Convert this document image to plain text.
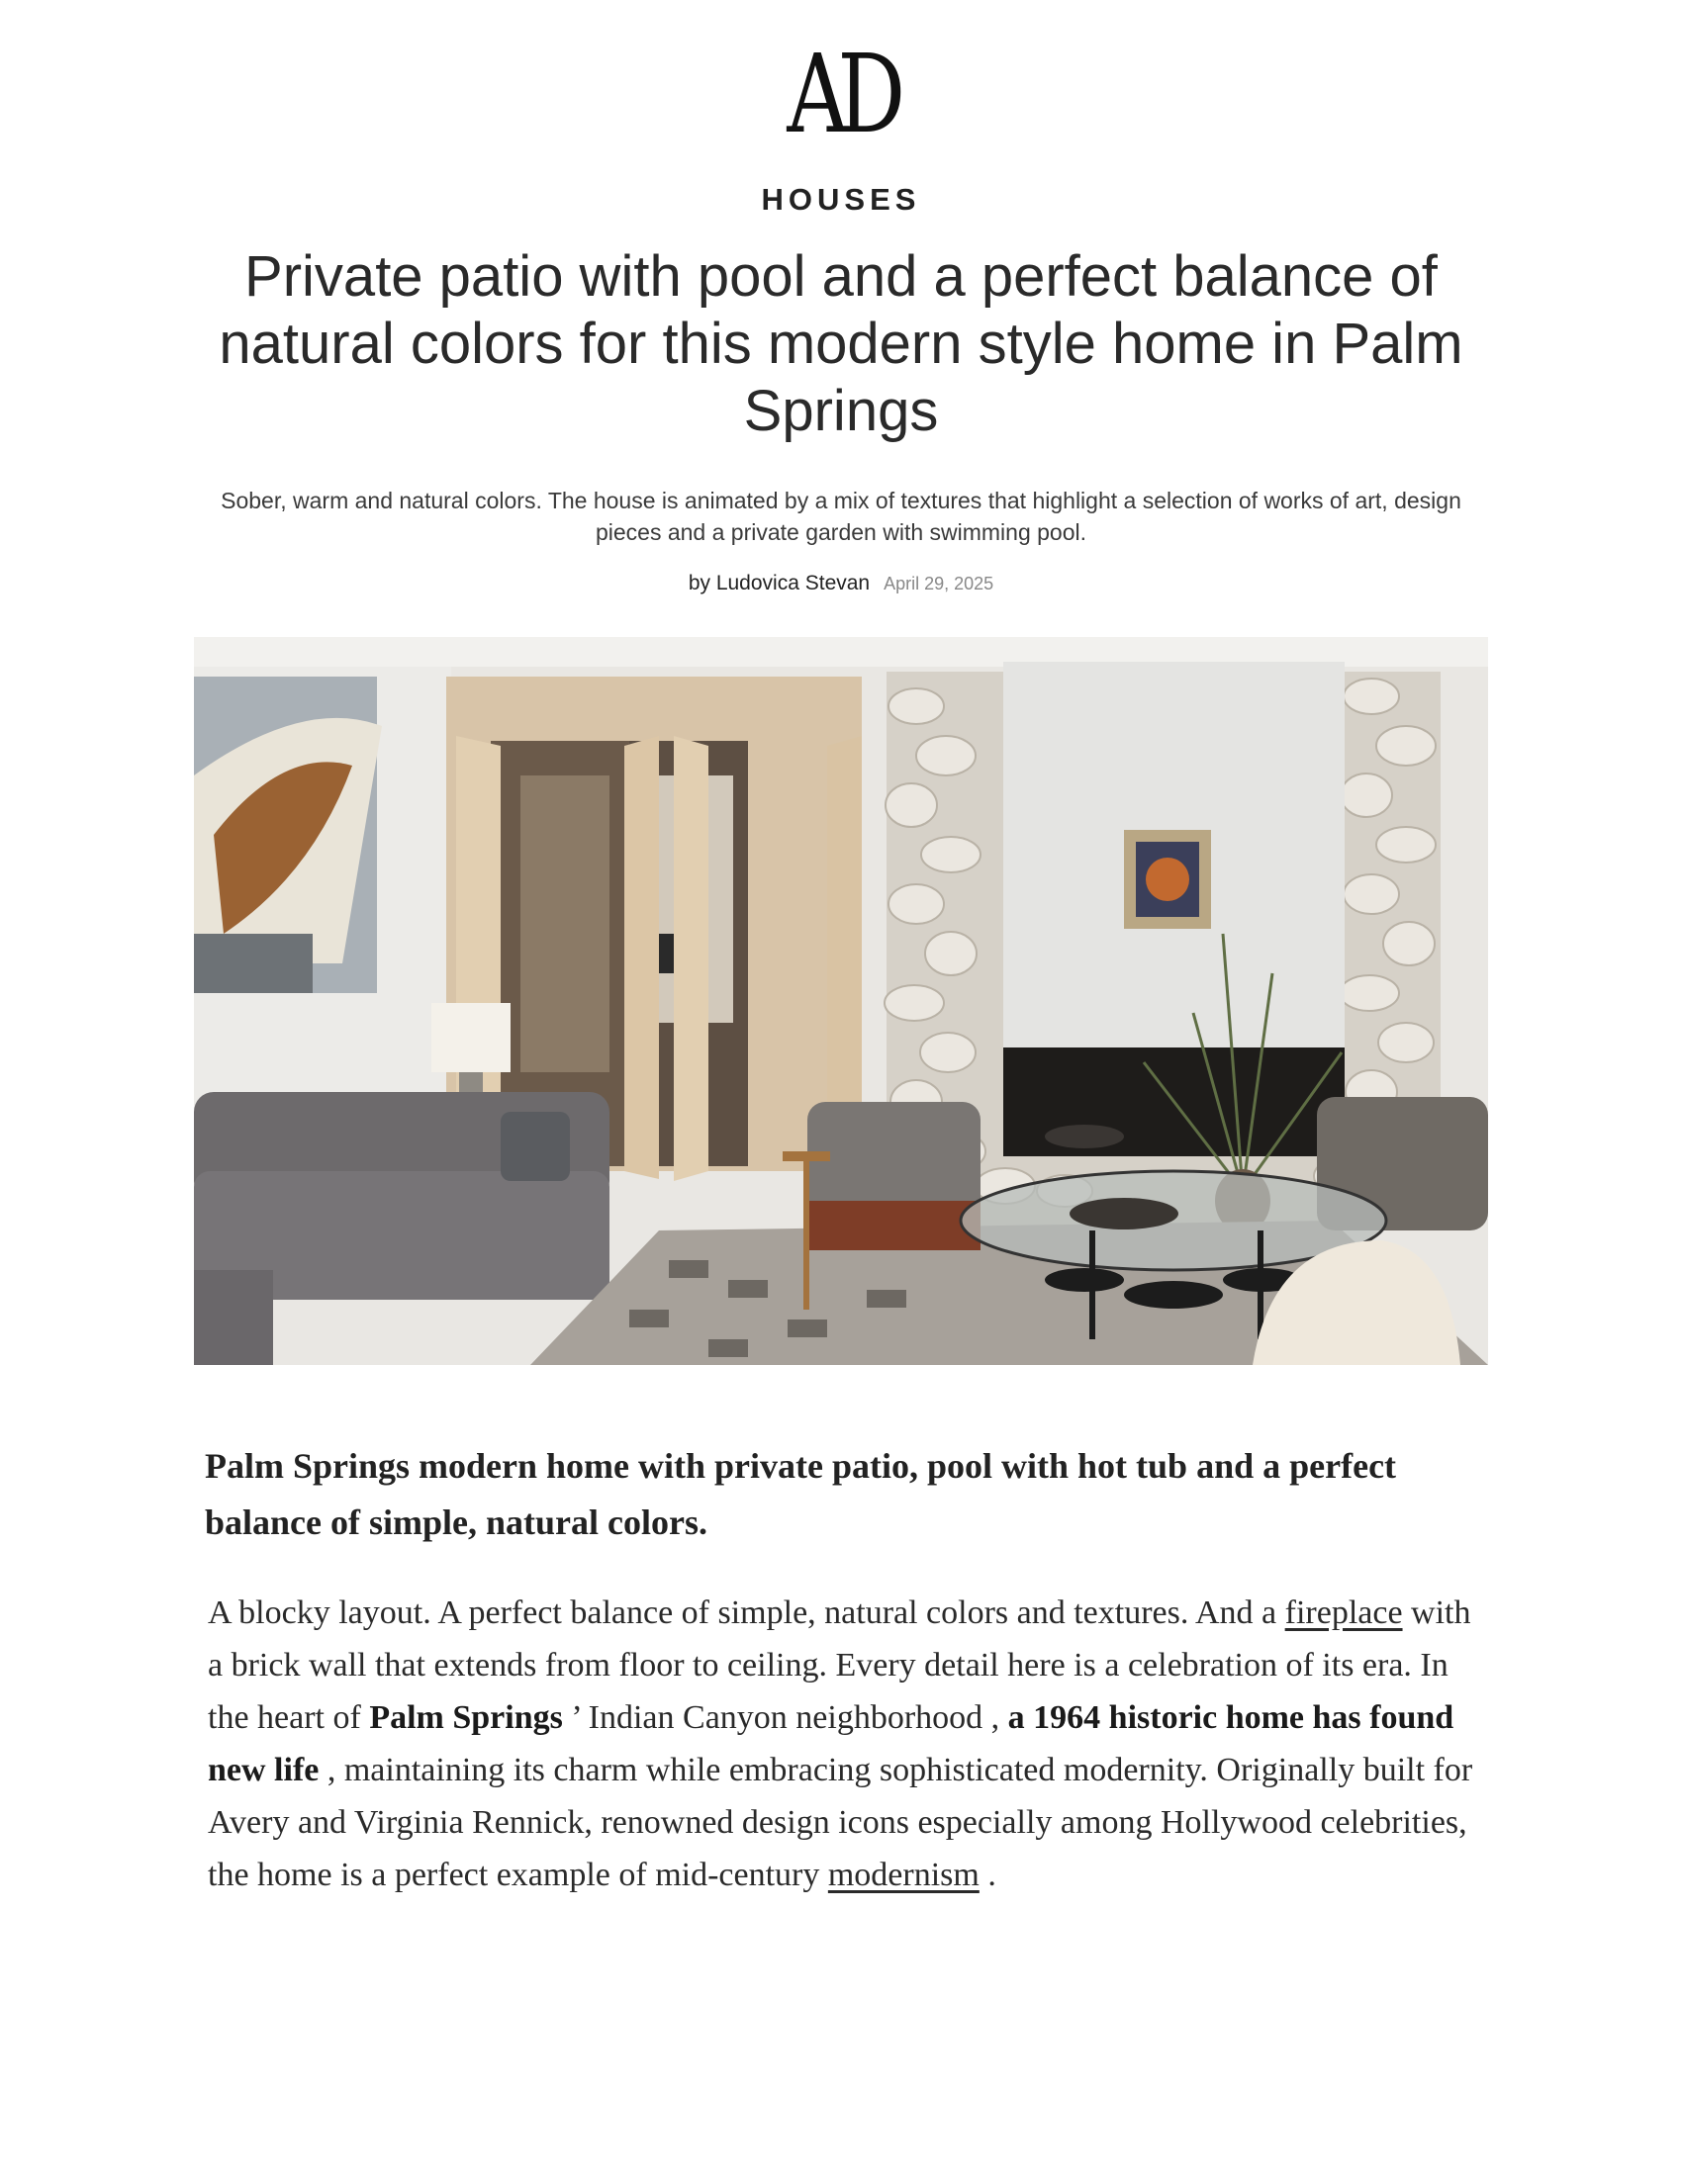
AD
HOUSES
Private patio with pool and a perfect balance of natural colors for this modern style home in Palm Springs

Sober, warm and natural colors. The house is animated by a mix of textures that highlight a selection of works of art, design pieces and a private garden with swimming pool.

by Ludovica Stevan April 29, 2025

Palm Springs modern home with private patio, pool with hot tub and a perfect balance of simple, natural colors.

A blocky layout. A perfect balance of simple, natural colors and textures. And a fireplace with a brick wall that extends from floor to ceiling. Every detail here is a celebration of its era. In the heart of Palm Springs ’ Indian Canyon neighborhood , a 1964 historic home has found new life , maintaining its charm while embracing sophisticated modernity. Originally built for Avery and Virginia Rennick, renowned design icons especially among Hollywood celebrities, the home is a perfect example of mid-century modernism .
